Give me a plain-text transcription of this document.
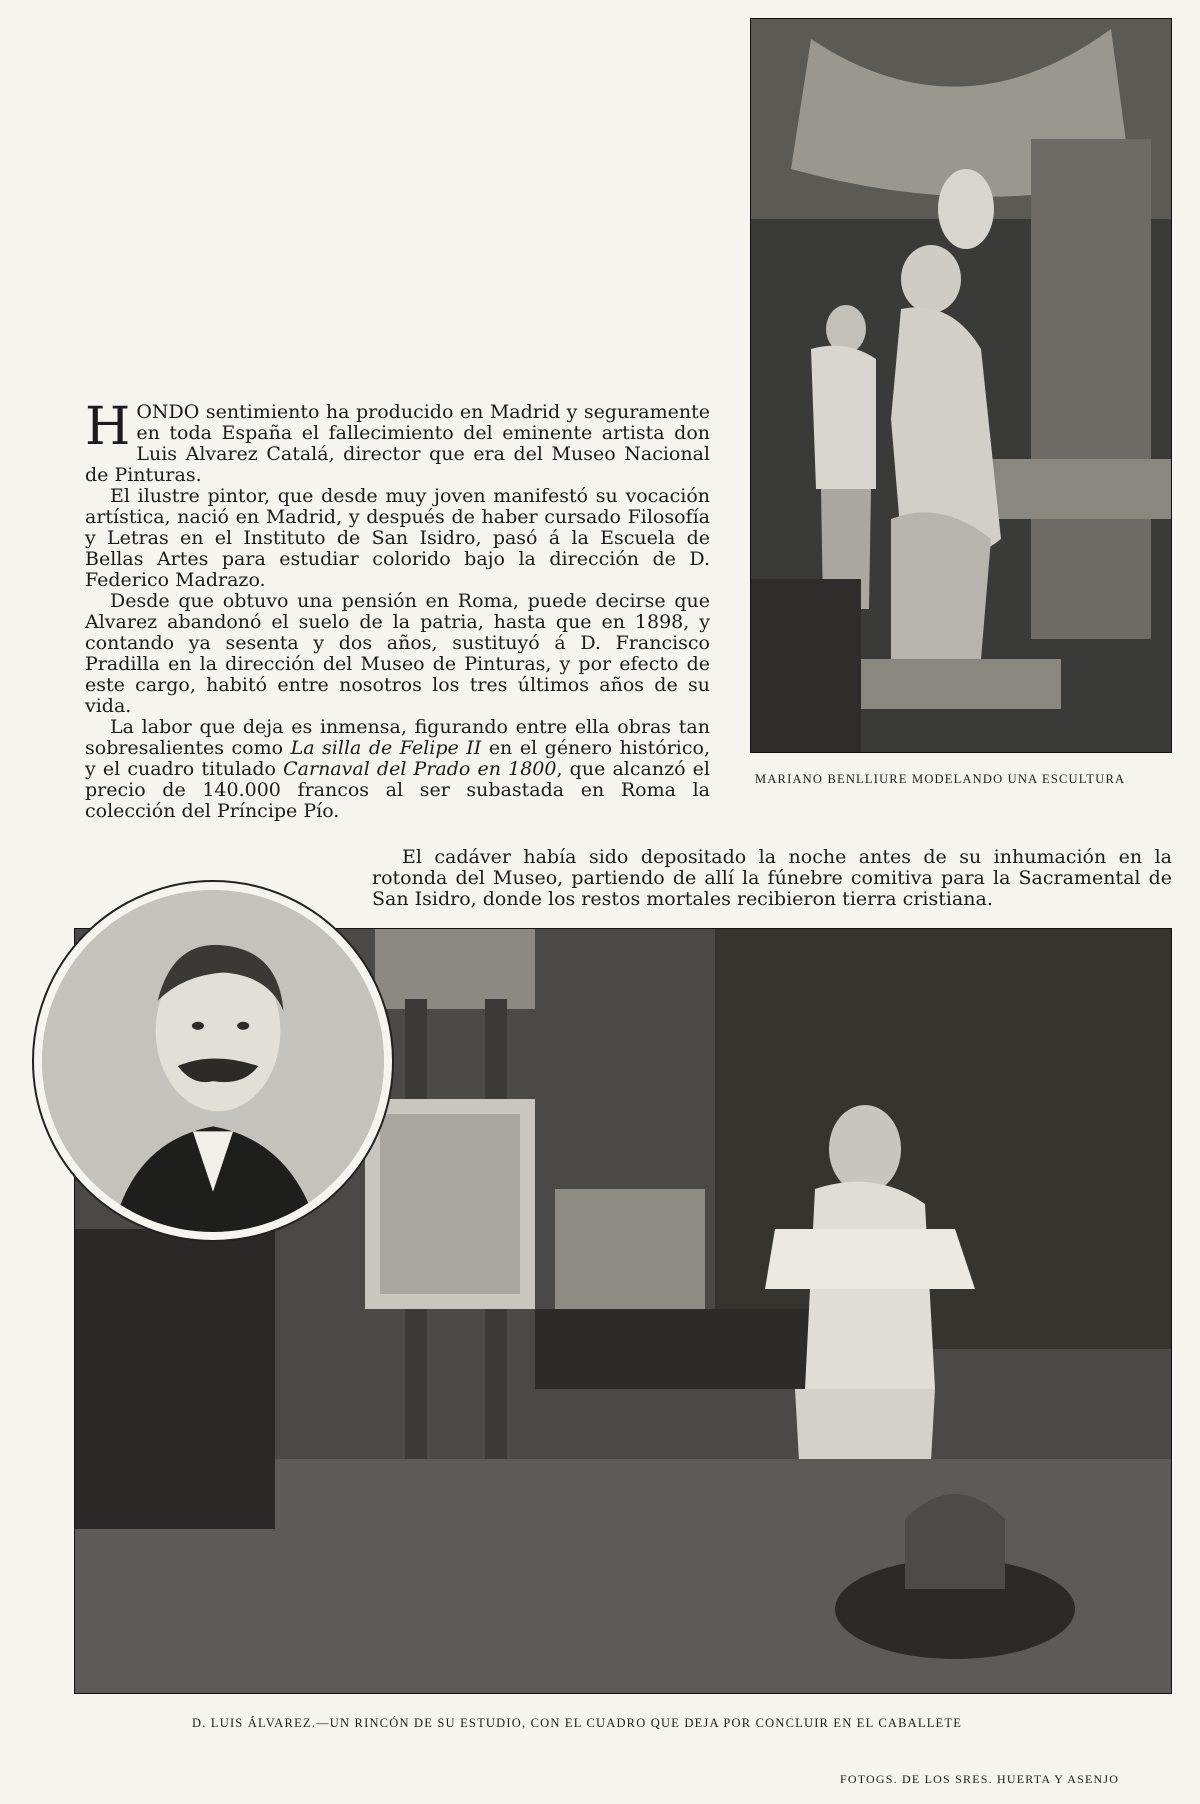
HONDO sentimiento ha producido en Madrid y seguramente en toda España el fallecimiento del eminente artista don Luis Alvarez Catalá, director que era del Museo Nacional de Pinturas.

El ilustre pintor, que desde muy joven manifestó su vocación artística, nació en Madrid, y después de haber cursado Filosofía y Letras en el Instituto de San Isidro, pasó á la Escuela de Bellas Artes para estudiar colorido bajo la dirección de D. Federico Madrazo.

Desde que obtuvo una pensión en Roma, puede decirse que Alvarez abandonó el suelo de la patria, hasta que en 1898, y contando ya sesenta y dos años, sustituyó á D. Francisco Pradilla en la dirección del Museo de Pinturas, y por efecto de este cargo, habitó entre nosotros los tres últimos años de su vida.

La labor que deja es inmensa, figurando entre ella obras tan sobresalientes como La silla de Felipe II en el género histórico, y el cuadro titulado Carnaval del Prado en 1800, que alcanzó el precio de 140.000 francos al ser subastada en Roma la colección del Príncipe Pío.

El cadáver había sido depositado la noche antes de su inhumación en la rotonda del Museo, partiendo de allí la fúnebre comitiva para la Sacramental de San Isidro, donde los restos mortales recibieron tierra cristiana.

MARIANO BENLLIURE MODELANDO UNA ESCULTURA
D. LUIS ÁLVAREZ.—UN RINCÓN DE SU ESTUDIO, CON EL CUADRO QUE DEJA POR CONCLUIR EN EL CABALLETE
FOTOGS. DE LOS SRES. HUERTA Y ASENJO
